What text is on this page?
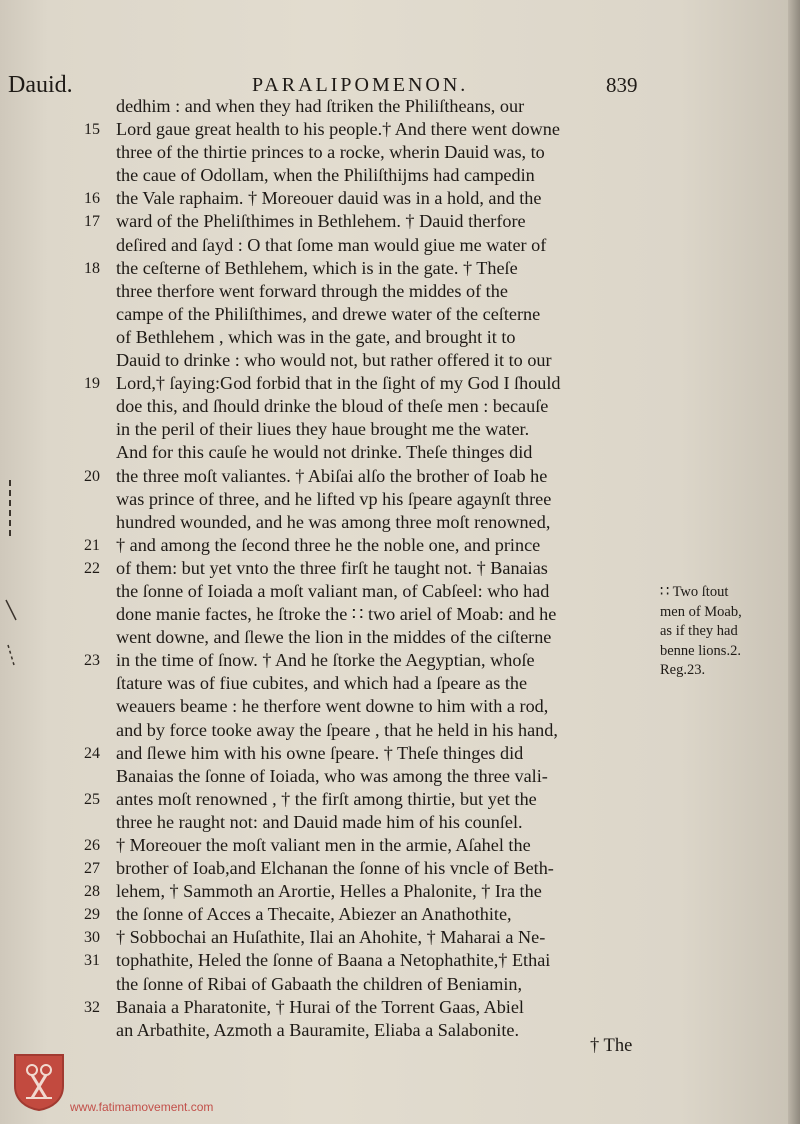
Dauid.	PARALIPOMENON.	839
dedhim : and when they had ſtriken the Philiſtheans, our
15 Lord gaue great health to his people.† And there went downe
three of the thirtie princes to a rocke, wherin Dauid was, to
the caue of Odollam, when the Philiſthijms had campedin
16 the Vale raphaim. † Moreouer dauid was in a hold, and the
17 ward of the Pheliſthimes in Bethlehem. † Dauid therfore
deſired and ſayd : O that ſome man would giue me water of
18 the ceſterne of Bethlehem, which is in the gate. † Theſe
three therfore went forward through the middes of the
campe of the Philiſthimes, and drewe water of the ceſterne
of Bethlehem , which was in the gate, and brought it to
Dauid to drinke : who would not, but rather offered it to our
19 Lord,† ſaying:God forbid that in the ſight of my God I ſhould
doe this, and ſhould drinke the bloud of theſe men : becauſe
in the peril of their liues they haue brought me the water.
And for this cauſe he would not drinke. Theſe thinges did
20 the three moſt valiantes. † Abiſai alſo the brother of Ioab he
was prince of three, and he lifted vp his ſpeare agaynſt three
hundred wounded, and he was among three moſt renowned,
21 † and among the ſecond three he the noble one, and prince
22 of them: but yet vnto the three firſt he taught not. † Banaias
the ſonne of Ioiada a moſt valiant man, of Cabſeel: who had
done manie factes, he ſtroke the ∷ two ariel of Moab: and he
went downe, and ſlewe the lion in the middes of the ciſterne
23 in the time of ſnow. † And he ſtorke the Aegyptian, whoſe
ſtature was of fiue cubites, and which had a ſpeare as the
weauers beame : he therfore went downe to him with a rod,
and by force tooke away the ſpeare , that he held in his hand,
24 and ſlewe him with his owne ſpeare. † Theſe thinges did
Banaias the ſonne of Ioiada, who was among the three vali-
25 antes moſt renowned , † the firſt among thirtie, but yet the
three he raught not: and Dauid made him of his counſel.
26 † Moreouer the moſt valiant men in the armie, Aſahel the
27 brother of Ioab,and Elchanan the ſonne of his vncle of Beth-
28 lehem, † Sammoth an Arortie, Helles a Phalonite, † Ira the
29 the ſonne of Acces a Thecaite, Abiezer an Anathothite,
30 † Sobbochai an Huſathite, Ilai an Ahohite, † Maharai a Ne-
31 tophathite, Heled the ſonne of Baana a Netophathite,† Ethai
the ſonne of Ribai of Gabaath the children of Beniamin,
32 Banaia a Pharatonite, † Hurai of the Torrent Gaas, Abiel
an Arbathite, Azmoth a Bauramite, Eliaba a Salabonite.
∷ Two ſtout
men of Moab,
as if they had
benne lions.2.
Reg.23.
† The
www.fatimamovement.com
